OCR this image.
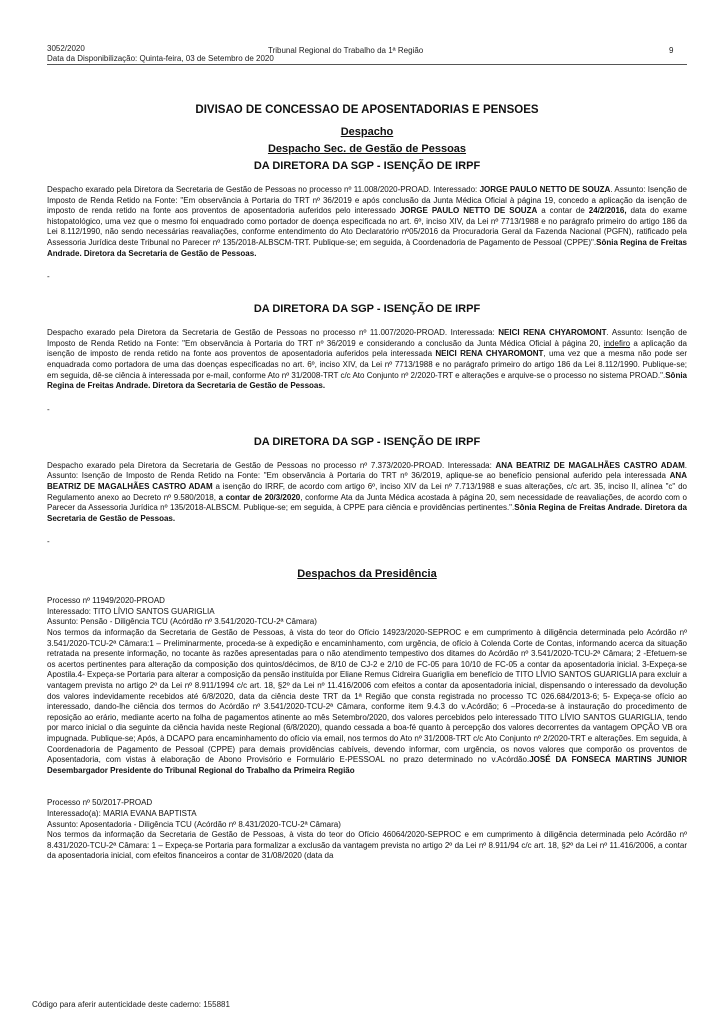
3052/2020
Data da Disponibilização: Quinta-feira, 03 de Setembro de 2020
Tribunal Regional do Trabalho da 1ª Região	9
DIVISÃO DE CONCESSÃO DE APOSENTADORIAS E PENSÕES
Despacho
Despacho Sec. de Gestão de Pessoas
DA DIRETORA DA SGP - ISENÇÃO DE IRPF

Despacho exarado pela Diretora da Secretaria de Gestão de Pessoas no processo nº 11.008/2020-PROAD. Interessado: JORGE PAULO NETTO DE SOUZA. Assunto: Isenção de Imposto de Renda Retido na Fonte: "Em observância à Portaria do TRT nº 36/2019 e após conclusão da Junta Médica Oficial à página 19, concedo a aplicação da isenção de imposto de renda retido na fonte aos proventos de aposentadoria auferidos pelo interessado JORGE PAULO NETTO DE SOUZA a contar de 24/2/2016, data do exame histopatológico, uma vez que o mesmo foi enquadrado como portador de doença especificada no art. 6º, inciso XIV, da Lei nº 7713/1988 e no parágrafo primeiro do artigo 186 da Lei 8.112/1990, não sendo necessárias reavaliações, conforme entendimento do Ato Declaratório nº05/2016 da Procuradoria Geral da Fazenda Nacional (PGFN), ratificado pela Assessoria Jurídica deste Tribunal no Parecer nº 135/2018-ALBSCM-TRT. Publique-se; em seguida, à Coordenadoria de Pagamento de Pessoal (CPPE)".Sônia Regina de Freitas Andrade. Diretora da Secretaria de Gestão de Pessoas.

-
DA DIRETORA DA SGP - ISENÇÃO DE IRPF

Despacho exarado pela Diretora da Secretaria de Gestão de Pessoas no processo nº 11.007/2020-PROAD. Interessada: NEICI RENA CHYAROMONT. Assunto: Isenção de Imposto de Renda Retido na Fonte: "Em observância à Portaria do TRT nº 36/2019 e considerando a conclusão da Junta Médica Oficial à página 20, indefiro a aplicação da isenção de imposto de renda retido na fonte aos proventos de aposentadoria auferidos pela interessada NEICI RENA CHYAROMONT, uma vez que a mesma não pode ser enquadrada como portadora de uma das doenças especificadas no art. 6º, inciso XIV, da Lei nº 7713/1988 e no parágrafo primeiro do artigo 186 da Lei 8.112/1990. Publique-se; em seguida, dê-se ciência à interessada por e-mail, conforme Ato nº 31/2008-TRT c/c Ato Conjunto nº 2/2020-TRT e alterações e arquive-se o processo no sistema PROAD.".Sônia Regina de Freitas Andrade. Diretora da Secretaria de Gestão de Pessoas.

-
DA DIRETORA DA SGP - ISENÇÃO DE IRPF

Despacho exarado pela Diretora da Secretaria de Gestão de Pessoas no processo nº 7.373/2020-PROAD. Interessada: ANA BEATRIZ DE MAGALHÃES CASTRO ADAM. Assunto: Isenção de Imposto de Renda Retido na Fonte: "Em observância à Portaria do TRT nº 36/2019, aplique-se ao benefício pensional auferido pela interessada ANA BEATRIZ DE MAGALHÃES CASTRO ADAM a isenção do IRRF, de acordo com artigo 6º, inciso XIV da Lei nº 7.713/1988 e suas alterações, c/c art. 35, inciso II, alínea "c" do Regulamento anexo ao Decreto nº 9.580/2018, a contar de 20/3/2020, conforme Ata da Junta Médica acostada à página 20, sem necessidade de reavaliações, de acordo com o Parecer da Assessoria Jurídica nº 135/2018-ALBSCM. Publique-se; em seguida, à CPPE para ciência e providências pertinentes.".Sônia Regina de Freitas Andrade. Diretora da Secretaria de Gestão de Pessoas.

-
Despachos da Presidência

Processo nº 11949/2020-PROAD

Interessado: TITO LÍVIO SANTOS GUARIGLIA

Assunto: Pensão - Diligência TCU (Acórdão nº 3.541/2020-TCU-2ª Câmara)

Nos termos da informação da Secretaria de Gestão de Pessoas, à vista do teor do Ofício 14923/2020-SEPROC e em cumprimento à diligência determinada pelo Acórdão nº 3.541/2020-TCU-2ª Câmara:1 – Preliminarmente, proceda-se à expedição e encaminhamento, com urgência, de ofício à Colenda Corte de Contas, informando acerca da situação retratada na presente informação, no tocante às razões apresentadas para o não atendimento tempestivo dos ditames do Acórdão nº 3.541/2020-TCU-2ª Câmara; 2 -Efetuem-se os acertos pertinentes para alteração da composição dos quintos/décimos, de 8/10 de CJ-2 e 2/10 de FC-05 para 10/10 de FC-05 a contar da aposentadoria inicial. 3-Expeça-se Apostila.4- Expeça-se Portaria para alterar a composição da pensão instituída por Eliane Remus Cidreira Guariglia em benefício de TITO LÍVIO SANTOS GUARIGLIA para excluir a vantagem prevista no artigo 2º da Lei nº 8.911/1994 c/c art. 18, §2º da Lei nº 11.416/2006 com efeitos a contar da aposentadoria inicial, dispensando o interessado da devolução dos valores indevidamente recebidos até 6/8/2020, data da ciência deste TRT da 1ª Região que consta registrada no processo TC 026.684/2013-6; 5- Expeça-se ofício ao interessado, dando-lhe ciência dos termos do Acórdão nº 3.541/2020-TCU-2ª Câmara, conforme item 9.4.3 do v.Acórdão; 6 –Proceda-se à instauração do procedimento de reposição ao erário, mediante acerto na folha de pagamentos atinente ao mês Setembro/2020, dos valores percebidos pelo interessado TITO LÍVIO SANTOS GUARIGLIA, tendo por marco inicial o dia seguinte da ciência havida neste Regional (6/8/2020), quando cessada a boa-fé quanto à percepção dos valores decorrentes da vantagem OPÇÃO VB ora impugnada. Publique-se; Após, à DCAPO para encaminhamento do ofício via email, nos termos do Ato nº 31/2008-TRT c/c Ato Conjunto nº 2/2020-TRT e alterações. Em seguida, à Coordenadoria de Pagamento de Pessoal (CPPE) para demais providências cabíveis, devendo informar, com urgência, os novos valores que comporão os proventos de Aposentadoria, com vistas à elaboração de Abono Provisório e Formulário E-PESSOAL no prazo determinado no v.Acórdão.JOSÉ DA FONSECA MARTINS JUNIOR Desembargador Presidente do Tribunal Regional do Trabalho da Primeira Região

Processo nº 50/2017-PROAD

Interessado(a): MARIA EVANA BAPTISTA

Assunto: Aposentadoria - Diligência TCU (Acórdão nº 8.431/2020-TCU-2ª Câmara)

Nos termos da informação da Secretaria de Gestão de Pessoas, à vista do teor do Ofício 46064/2020-SEPROC e em cumprimento à diligência determinada pelo Acórdão nº 8.431/2020-TCU-2ª Câmara: 1 – Expeça-se Portaria para formalizar a exclusão da vantagem prevista no artigo 2º da Lei nº 8.911/94 c/c art. 18, §2º da Lei nº 11.416/2006, a contar da aposentadoria inicial, com efeitos financeiros a contar de 31/08/2020 (data da

Código para aferir autenticidade deste caderno: 155881
